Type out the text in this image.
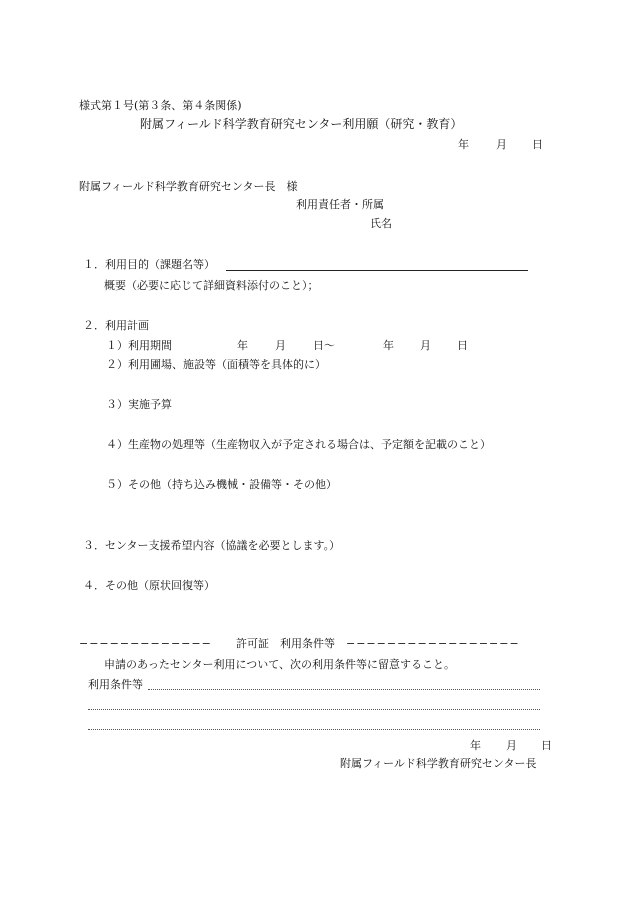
様式第１号(第３条、第４条関係)
附属フィールド科学教育研究センター利用願（研究・教育）
年 月 日
附属フィールド科学教育研究センター長　様
利用責任者・所属
氏名
１．利用目的（課題名等）
概要（必要に応じて詳細資料添付のこと）；
２．利用計画
１）利用期間	年 月 日〜	年 月 日
２）利用圃場、施設等（面積等を具体的に）
３）実施予算
４）生産物の処理等（生産物収入が予定される場合は、予定額を記載のこと）
５）その他（持ち込み機械・設備等・その他）
３．センター支援希望内容（協議を必要とします。）
４．その他（原状回復等）
−−−−−−−−−−−−− 許可証　利用条件等 −−−−−−−−−−−−−−−−−
申請のあったセンター利用について、次の利用条件等に留意すること。
利用条件等
年 月 日
附属フィールド科学教育研究センター長
